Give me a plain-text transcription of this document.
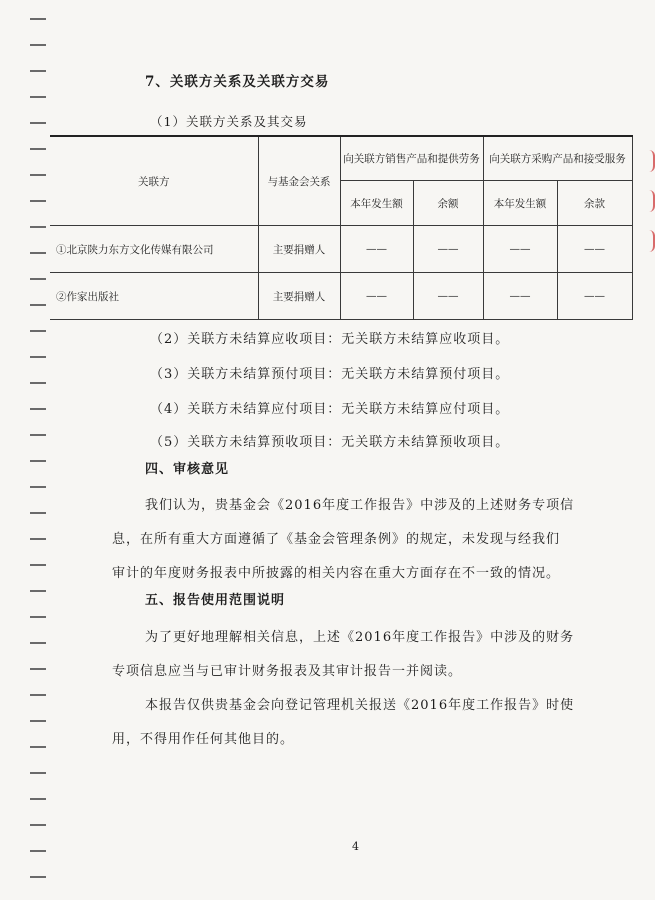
7、关联方关系及关联方交易
（1）关联方关系及其交易
关联方	与基金会关系	向关联方销售产品和提供劳务		向关联方采购产品和接受服务	
		本年发生额	余额	本年发生额	余款
①北京陕力东方文化传媒有限公司	主要捐赠人	——	——	——	——
②作家出版社	主要捐赠人	——	——	——	——
（2）关联方未结算应收项目：无关联方未结算应收项目。
（3）关联方未结算预付项目：无关联方未结算预付项目。
（4）关联方未结算应付项目：无关联方未结算应付项目。
（5）关联方未结算预收项目：无关联方未结算预收项目。
四、审核意见
我们认为，贵基金会《2016年度工作报告》中涉及的上述财务专项信
息，在所有重大方面遵循了《基金会管理条例》的规定，未发现与经我们
审计的年度财务报表中所披露的相关内容在重大方面存在不一致的情况。
五、报告使用范围说明
为了更好地理解相关信息，上述《2016年度工作报告》中涉及的财务
专项信息应当与已审计财务报表及其审计报告一并阅读。
本报告仅供贵基金会向登记管理机关报送《2016年度工作报告》时使
用，不得用作任何其他目的。
4
